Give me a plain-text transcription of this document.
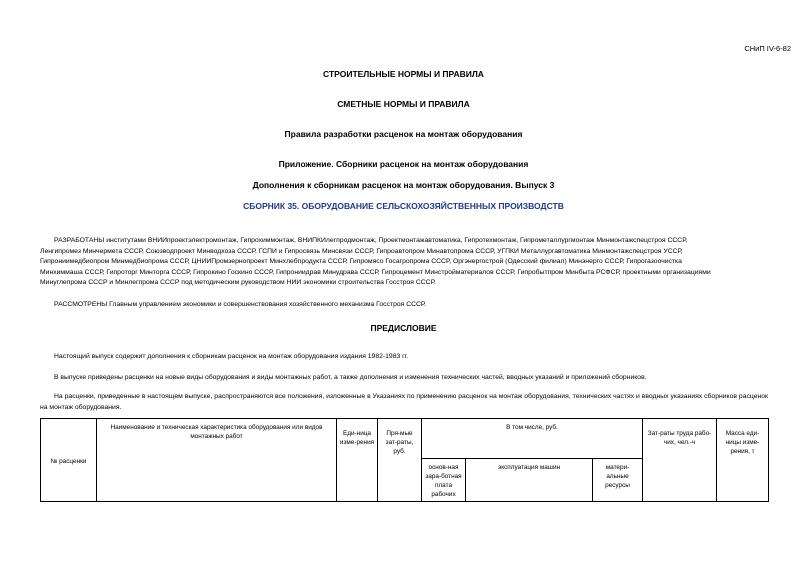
СНиП IV-6-82
СТРОИТЕЛЬНЫЕ НОРМЫ И ПРАВИЛА
СМЕТНЫЕ НОРМЫ И ПРАВИЛА
Правила разработки расценок на монтаж оборудования
Приложение. Сборники расценок на монтаж оборудования
Дополнения к сборникам расценок на монтаж оборудования. Выпуск 3
СБОРНИК 35. ОБОРУДОВАНИЕ СЕЛЬСКОХОЗЯЙСТВЕННЫХ ПРОИЗВОДСТВ
РАЗРАБОТАНЫ институтами ВНИИпроектэлектромонтаж, Гипрохиммонтаж, ВНИПКИлегпродмонтаж, Проектмонтажавтоматика, Гипротехмонтаж, Гипрометаллургмонтаж Минмонтажспецстроя СССР,
Ленгипромез Минчермета СССР, Союзводпроект Минводхоза СССР, ГСПИ и Гипросвязь Минсвязи СССР, Гипроавтопром Минавтопрома СССР, УГПКИ Металлургавтоматика Минмонтажспецстроя УССР,
Гипрониимедбиопром Минмедбиопрома СССР, ЦНИИПромзернопроект Минхлебпродукта СССР, Гипромясо Госагропрома СССР, Оргэнергострой (Одесский филиал) Минэнерго СССР, Гипрогазоочистка
Минхиммаша СССР, Гипроторг Минторга СССР, Гипрокино Госкино СССР, Гипрониидрав Минудрава СССР, Гипроцемент Минстройматериалов СССР, Гипробытпром Минбыта РСФСР, проектными организациями
Минуглепрома СССР и Минлегпрома СССР под методическим руководством НИИ экономики строительства Госстроя СССР.

РАССМОТРЕНЫ Главным управлением экономики и совершенствования хозяйственного механизма Госстроя СССР.

ПРЕДИСЛОВИЕ

Настоящий выпуск содержит дополнения к сборникам расценок на монтаж оборудования издания 1982-1983 гг.

В выпуске приведены расценки на новые виды оборудования и виды монтажных работ, а также дополнения и изменения технических частей, вводных указаний и приложений сборников.

На расценки, приведенные в настоящем выпуске, распространяются все положения, изложенные в Указаниях по применению расценок на монтаж оборудования, технических частях и вводных указаниях сборников расценок на монтаж оборудования.

№ расценки	Наименование и техническая характеристика оборудования или видов монтажных работ	Еди-ница изме-рения	Пря-мые зат-раты, руб.	В том числе, руб.			Зат-раты труда рабо-чих, чел.-ч	Масса еди-ницы изме-рения, т
				основ-ная зара-ботная плата рабочих	эксплуатация машин	матери-альные ресурсы		
